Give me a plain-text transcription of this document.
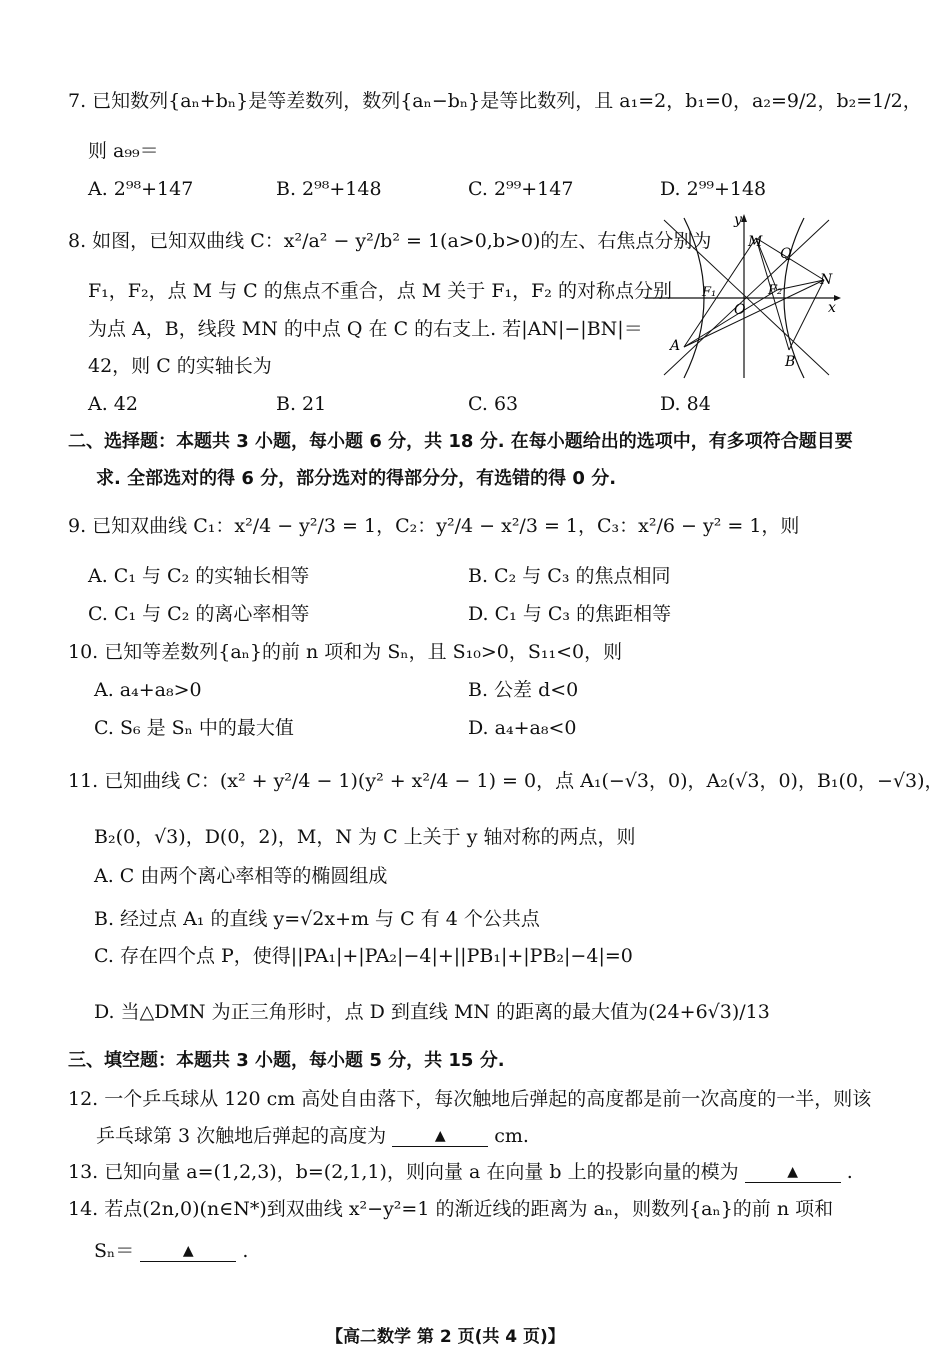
7. 已知数列{aₙ+bₙ}是等差数列，数列{aₙ−bₙ}是等比数列，且 a₁=2，b₁=0，a₂=9/2，b₂=1/2，
则 a₉₉＝
A. 2⁹⁸+147	B. 2⁹⁸+148	C. 2⁹⁹+147	D. 2⁹⁹+148
8. 如图，已知双曲线 C：x²/a² − y²/b² = 1(a>0,b>0)的左、右焦点分别为
F₁，F₂，点 M 与 C 的焦点不重合，点 M 关于 F₁，F₂ 的对称点分别
为点 A，B，线段 MN 的中点 Q 在 C 的右支上. 若|AN|−|BN|＝
42，则 C 的实轴长为
A. 42	B. 21	C. 63	D. 84
y
x
O
M
Q
N
F₁	F₂
A
B
二、选择题：本题共 3 小题，每小题 6 分，共 18 分. 在每小题给出的选项中，有多项符合题目要
求. 全部选对的得 6 分，部分选对的得部分分，有选错的得 0 分.
9. 已知双曲线 C₁：x²/4 − y²/3 = 1，C₂：y²/4 − x²/3 = 1，C₃：x²/6 − y² = 1，则
A. C₁ 与 C₂ 的实轴长相等	B. C₂ 与 C₃ 的焦点相同
C. C₁ 与 C₂ 的离心率相等	D. C₁ 与 C₃ 的焦距相等
10. 已知等差数列{aₙ}的前 n 项和为 Sₙ，且 S₁₀>0，S₁₁<0，则
A. a₄+a₈>0	B. 公差 d<0
C. S₆ 是 Sₙ 中的最大值	D. a₄+a₈<0
11. 已知曲线 C：(x² + y²/4 − 1)(y² + x²/4 − 1) = 0，点 A₁(−√3，0)，A₂(√3，0)，B₁(0，−√3)，
B₂(0，√3)，D(0，2)，M，N 为 C 上关于 y 轴对称的两点，则
A. C 由两个离心率相等的椭圆组成
B. 经过点 A₁ 的直线 y=√2x+m 与 C 有 4 个公共点
C. 存在四个点 P，使得||PA₁|+|PA₂|−4|+||PB₁|+|PB₂|−4|=0
D. 当△DMN 为正三角形时，点 D 到直线 MN 的距离的最大值为(24+6√3)/13
三、填空题：本题共 3 小题，每小题 5 分，共 15 分.
12. 一个乒乓球从 120 cm 高处自由落下，每次触地后弹起的高度都是前一次高度的一半，则该
乒乓球第 3 次触地后弹起的高度为	▲	cm.
13. 已知向量 a=(1,2,3)，b=(2,1,1)，则向量 a 在向量 b 上的投影向量的模为	▲	.
14. 若点(2n,0)(n∈N*)到双曲线 x²−y²=1 的渐近线的距离为 aₙ，则数列{aₙ}的前 n 项和
Sₙ＝	▲	.
【高二数学 第 2 页(共 4 页)】
